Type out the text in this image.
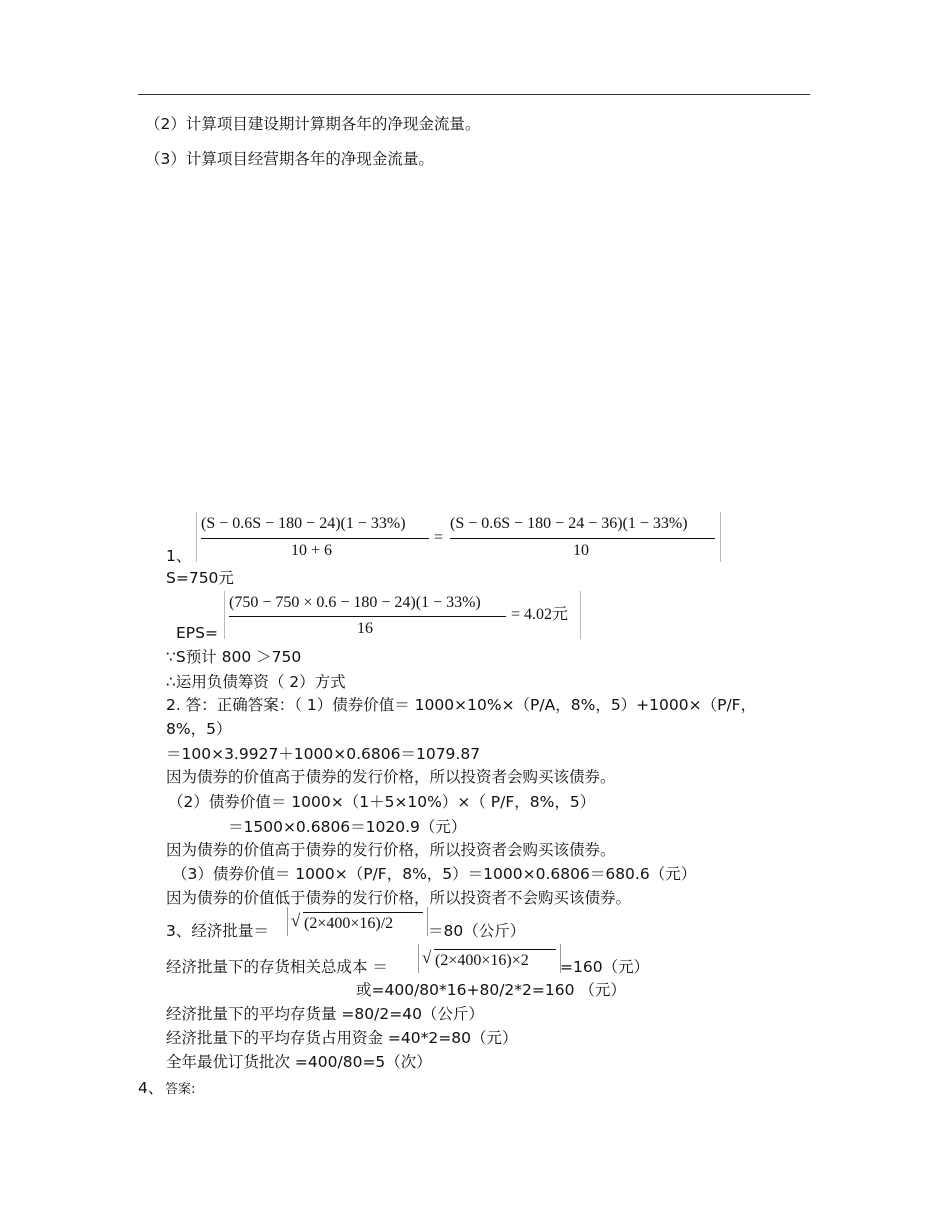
（2）计算项目建设期计算期各年的净现金流量。
（3）计算项目经营期各年的净现金流量。
1、
(S − 0.6S − 180 − 24)(1 − 33%)
10 + 6
=
(S − 0.6S − 180 − 24 − 36)(1 − 33%)
10
S=750元
EPS=
(750 − 750 × 0.6 − 180 − 24)(1 − 33%)
16
= 4.02元
∵S预计 800 ＞750
∴运用负债筹资（ 2）方式
2. 答：正确答案：（ 1）债券价值＝ 1000×10%×（P/A，8%，5）+1000×（P/F，
8%，5）
＝100×3.9927＋1000×0.6806＝1079.87
因为债券的价值高于债券的发行价格，所以投资者会购买该债券。
（2）债券价值＝ 1000×（1＋5×10%）×（ P/F，8%，5）
＝1500×0.6806＝1020.9（元）
因为债券的价值高于债券的发行价格，所以投资者会购买该债券。
（3）债券价值＝ 1000×（P/F，8%，5）＝1000×0.6806＝680.6（元）
因为债券的价值低于债券的发行价格，所以投资者不会购买该债券。
3、经济批量＝
√ (2×400×16)/2 ＝80（公斤）
经济批量下的存货相关总成本 ＝ √ (2×400×16)×2 =160（元）
或=400/80*16+80/2*2=160 （元）
经济批量下的平均存货量 =80/2=40（公斤）
经济批量下的平均存货占用资金 =40*2=80（元）
全年最优订货批次 =400/80=5（次）
4、 答案:
